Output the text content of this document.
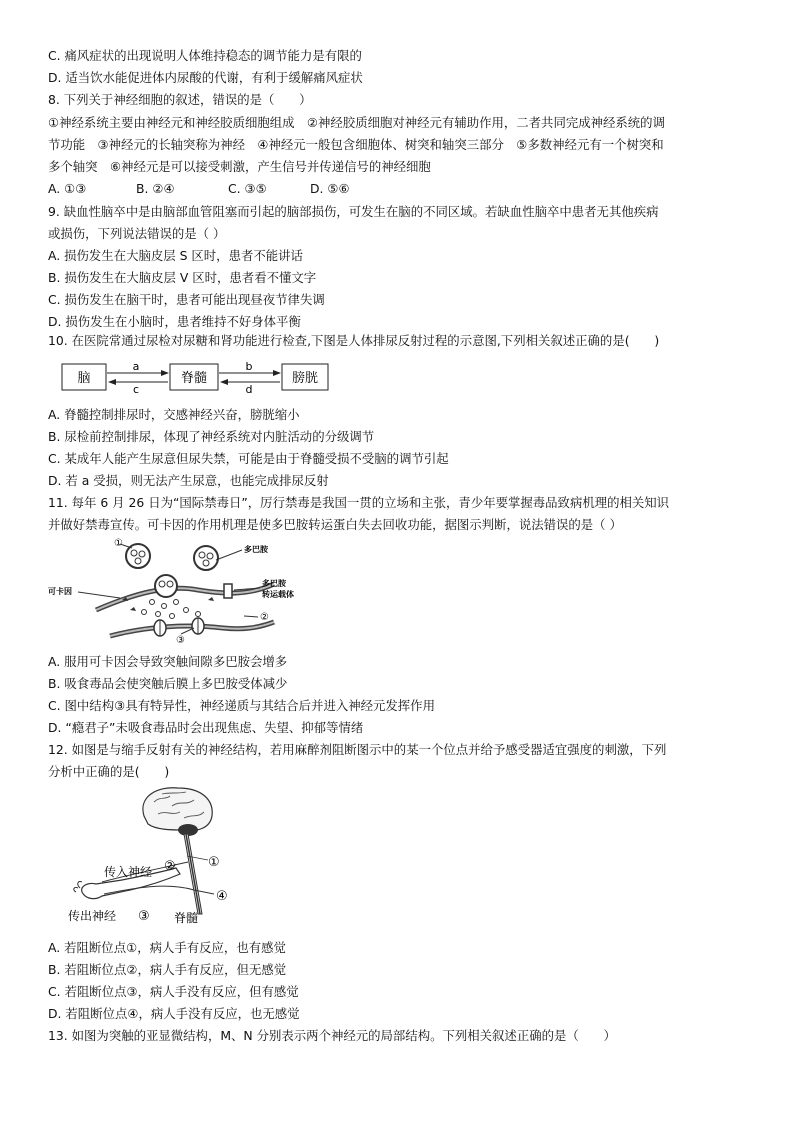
C. 痛风症状的出现说明人体维持稳态的调节能力是有限的
D. 适当饮水能促进体内尿酸的代谢，有利于缓解痛风症状
8. 下列关于神经细胞的叙述，错误的是（　　）
①神经系统主要由神经元和神经胶质细胞组成　②神经胶质细胞对神经元有辅助作用，二者共同完成神经系统的调
节功能　③神经元的长轴突称为神经　④神经元一般包含细胞体、树突和轴突三部分　⑤多数神经元有一个树突和
多个轴突　⑥神经元是可以接受刺激，产生信号并传递信号的神经细胞
A. ①③	B. ②④	C. ③⑤	D. ⑤⑥
9. 缺血性脑卒中是由脑部血管阻塞而引起的脑部损伤，可发生在脑的不同区域。若缺血性脑卒中患者无其他疾病
或损伤，下列说法错误的是（ ）
A. 损伤发生在大脑皮层 S 区时，患者不能讲话
B. 损伤发生在大脑皮层 V 区时，患者看不懂文字
C. 损伤发生在脑干时，患者可能出现昼夜节律失调
D. 损伤发生在小脑时，患者维持不好身体平衡
10. 在医院常通过尿检对尿糖和肾功能进行检查,下图是人体排尿反射过程的示意图,下列相关叙述正确的是(　　)
脑	脊髓	膀胱
a
c
b
d
A. 脊髓控制排尿时，交感神经兴奋，膀胱缩小
B. 尿检前控制排尿，体现了神经系统对内脏活动的分级调节
C. 某成年人能产生尿意但尿失禁，可能是由于脊髓受损不受脑的调节引起
D. 若 a 受损，则无法产生尿意，也能完成排尿反射
11. 每年 6 月 26 日为“国际禁毒日”，厉行禁毒是我国一贯的立场和主张，青少年要掌握毒品致病机理的相关知识
并做好禁毒宣传。可卡因的作用机理是使多巴胺转运蛋白失去回收功能，据图示判断，说法错误的是（ ）
①
可卡因
多巴胺
多巴胺
转运载体
②
③
A. 服用可卡因会导致突触间隙多巴胺会增多
B. 吸食毒品会使突触后膜上多巴胺受体减少
C. 图中结构③具有特异性，神经递质与其结合后并进入神经元发挥作用
D. “瘾君子”未吸食毒品时会出现焦虑、失望、抑郁等情绪
12. 如图是与缩手反射有关的神经结构，若用麻醉剂阻断图示中的某一个位点并给予感受器适宜强度的刺激，下列
分析中正确的是(　　)
传入神经
传出神经	脊髓
①
②
③
④
A. 若阻断位点①，病人手有反应，也有感觉
B. 若阻断位点②，病人手有反应，但无感觉
C. 若阻断位点③，病人手没有反应，但有感觉
D. 若阻断位点④，病人手没有反应，也无感觉
13. 如图为突触的亚显微结构，M、N 分别表示两个神经元的局部结构。下列相关叙述正确的是（　　）
